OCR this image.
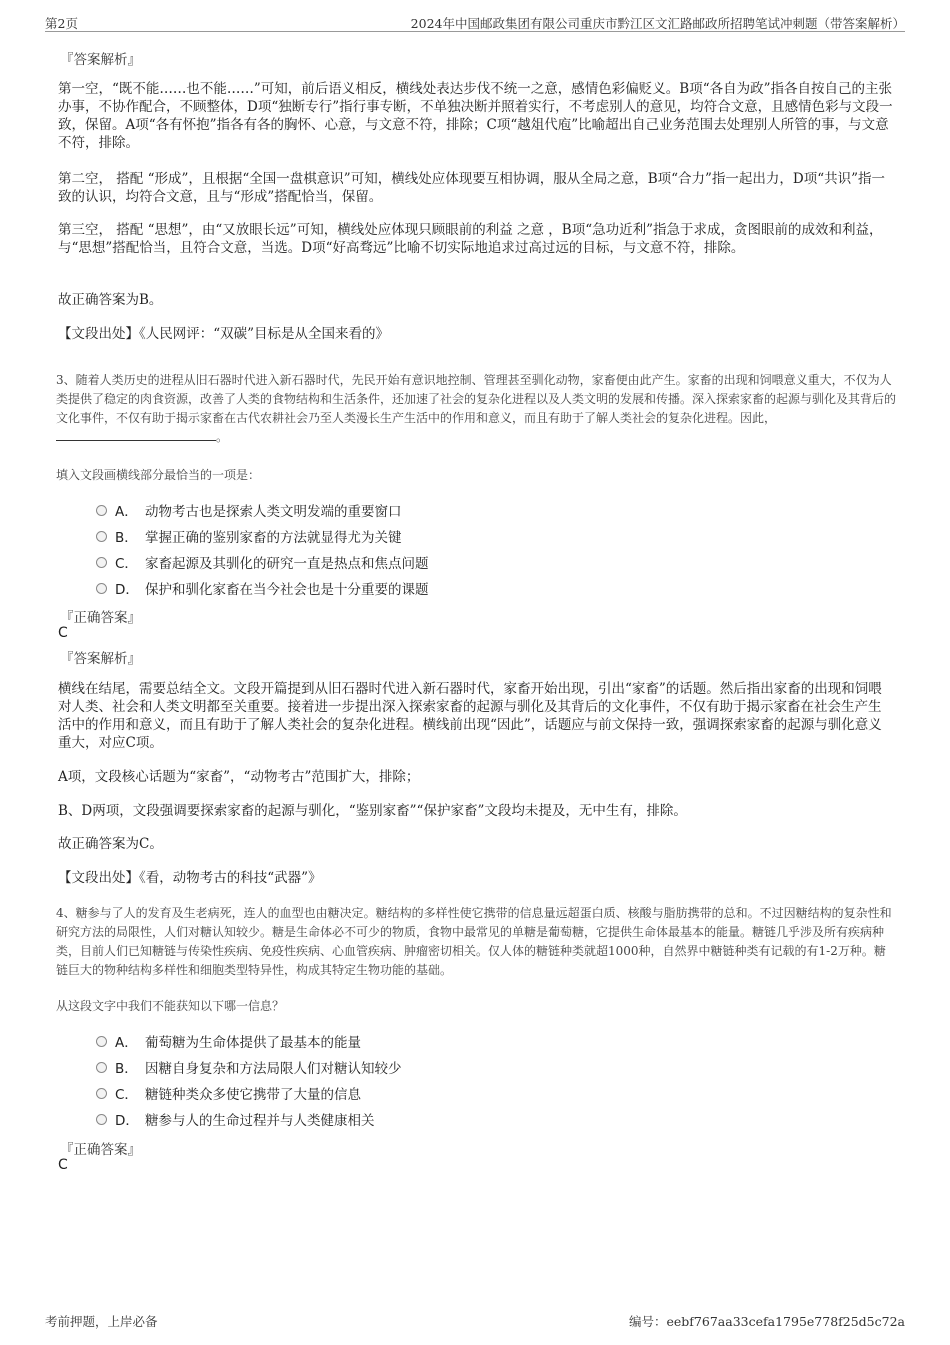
第2页	2024年中国邮政集团有限公司重庆市黔江区文汇路邮政所招聘笔试冲刺题（带答案解析）
『答案解析』
第一空，“既不能……也不能……”可知，前后语义相反，横线处表达步伐不统一之意，感情色彩偏贬义。B项“各自为政”指各自按自己的主张办事，不协作配合，不顾整体，D项“独断专行”指行事专断，不单独决断并照着实行，不考虑别人的意见，均符合文意，且感情色彩与文段一致，保留。A项“各有怀抱”指各有各的胸怀、心意，与文意不符，排除；C项“越俎代庖”比喻超出自己业务范围去处理别人所管的事，与文意不符，排除。
第二空， 搭配 “形成”，且根据“全国一盘棋意识”可知，横线处应体现要互相协调，服从全局之意，B项“合力”指一起出力，D项“共识”指一致的认识，均符合文意，且与“形成”搭配恰当，保留。
第三空， 搭配 “思想”，由“又放眼长远”可知，横线处应体现只顾眼前的利益 之意 ，B项“急功近利”指急于求成，贪图眼前的成效和利益，与“思想”搭配恰当，且符合文意，当选。D项“好高骛远”比喻不切实际地追求过高过远的目标，与文意不符，排除。
故正确答案为B。
【文段出处】《人民网评：“双碳”目标是从全国来看的》
3、随着人类历史的进程从旧石器时代进入新石器时代，先民开始有意识地控制、管理甚至驯化动物，家畜便由此产生。家畜的出现和饲喂意义重大，不仅为人类提供了稳定的肉食资源，改善了人类的食物结构和生活条件，还加速了社会的复杂化进程以及人类文明的发展和传播。深入探索家畜的起源与驯化及其背后的文化事件，不仅有助于揭示家畜在古代农耕社会乃至人类漫长生产生活中的作用和意义，而且有助于了解人类社会的复杂化进程。因此，。
填入文段画横线部分最恰当的一项是：
A． 动物考古也是探索人类文明发端的重要窗口
B． 掌握正确的鉴别家畜的方法就显得尤为关键
C． 家畜起源及其驯化的研究一直是热点和焦点问题
D． 保护和驯化家畜在当今社会也是十分重要的课题
『正确答案』
C
『答案解析』
横线在结尾，需要总结全文。文段开篇提到从旧石器时代进入新石器时代，家畜开始出现，引出“家畜”的话题。然后指出家畜的出现和饲喂对人类、社会和人类文明都至关重要。接着进一步提出深入探索家畜的起源与驯化及其背后的文化事件，不仅有助于揭示家畜在社会生产生活中的作用和意义，而且有助于了解人类社会的复杂化进程。横线前出现“因此”，话题应与前文保持一致，强调探索家畜的起源与驯化意义重大，对应C项。
A项，文段核心话题为“家畜”，“动物考古”范围扩大，排除；
B、D两项，文段强调要探索家畜的起源与驯化，“鉴别家畜”“保护家畜”文段均未提及，无中生有，排除。
故正确答案为C。
【文段出处】《看，动物考古的科技“武器”》
4、糖参与了人的发育及生老病死，连人的血型也由糖决定。糖结构的多样性使它携带的信息量远超蛋白质、核酸与脂肪携带的总和。不过因糖结构的复杂性和研究方法的局限性，人们对糖认知较少。糖是生命体必不可少的物质，食物中最常见的单糖是葡萄糖，它提供生命体最基本的能量。糖链几乎涉及所有疾病种类，目前人们已知糖链与传染性疾病、免疫性疾病、心血管疾病、肿瘤密切相关。仅人体的糖链种类就超1000种，自然界中糖链种类有记载的有1-2万种。糖链巨大的物种结构多样性和细胞类型特异性，构成其特定生物功能的基础。
从这段文字中我们不能获知以下哪一信息？
A． 葡萄糖为生命体提供了最基本的能量
B． 因糖自身复杂和方法局限人们对糖认知较少
C． 糖链种类众多使它携带了大量的信息
D． 糖参与人的生命过程并与人类健康相关
『正确答案』
C
考前押题，上岸必备	编号：eebf767aa33cefa1795e778f25d5c72a
